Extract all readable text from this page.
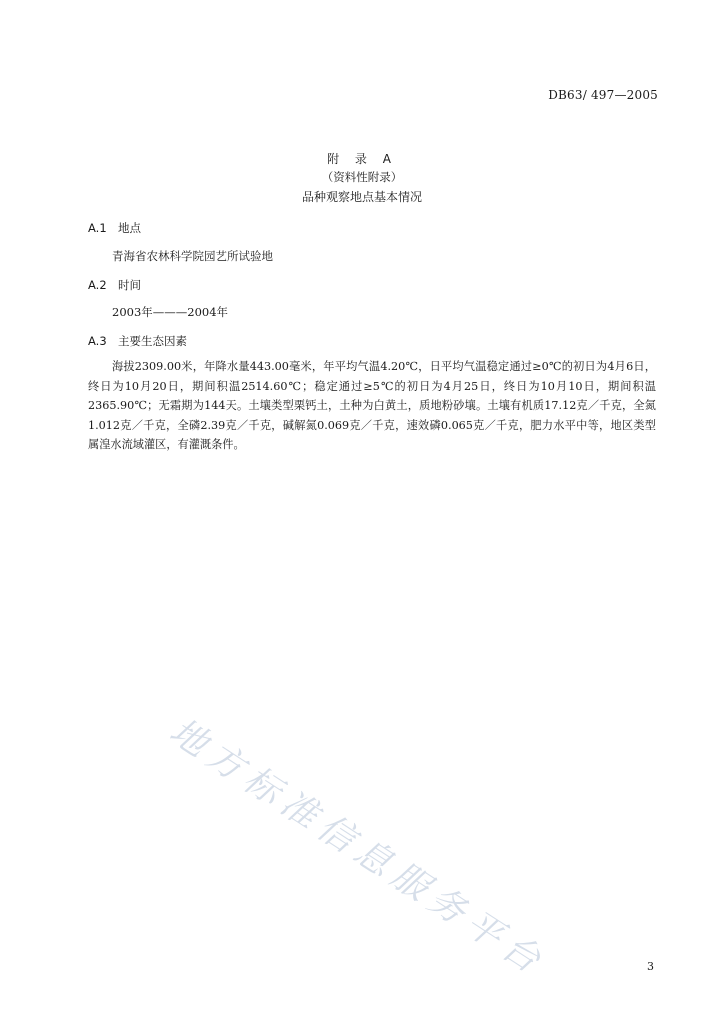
DB63/ 497—2005
附 录 A
（资料性附录）
品种观察地点基本情况
A.1 地点
青海省农林科学院园艺所试验地
A.2 时间
2003年———2004年
A.3 主要生态因素
海拔2309.00米，年降水量443.00毫米，年平均气温4.20℃，日平均气温稳定通过≥0℃的初日为4月6日，终日为10月20日，期间积温2514.60℃；稳定通过≥5℃的初日为4月25日，终日为10月10日，期间积温2365.90℃；无霜期为144天。土壤类型栗钙土，土种为白黄土，质地粉砂壤。土壤有机质17.12克／千克，全氮1.012克／千克，全磷2.39克／千克，碱解氮0.069克／千克，速效磷0.065克／千克，肥力水平中等，地区类型属湟水流域灌区，有灌溉条件。
地方标准信息服务平台	3
